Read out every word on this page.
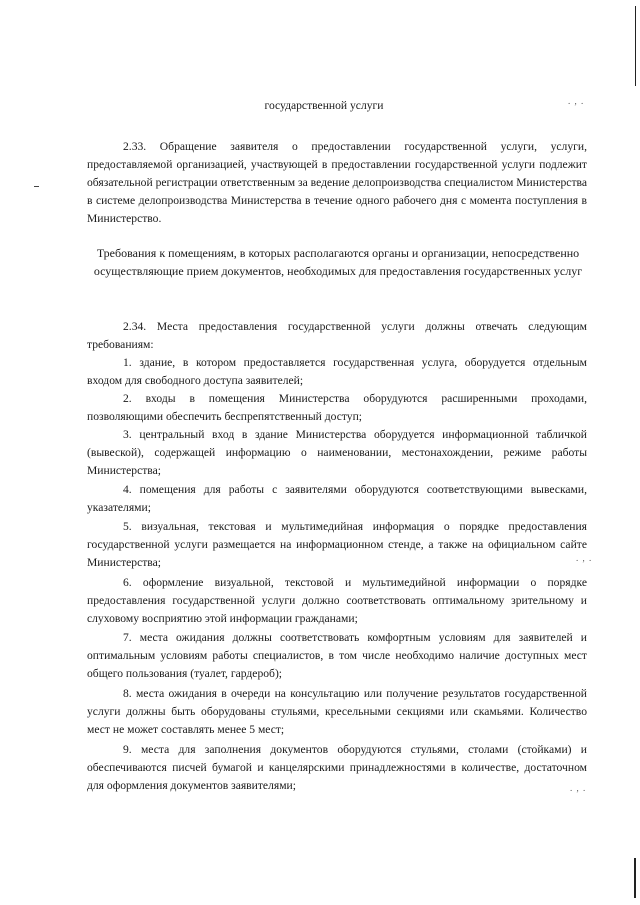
. , .
. , .
. , .

государственной услуги

2.33. Обращение заявителя о предоставлении государственной услуги, услуги, предоставляемой организацией, участвующей в предоставлении государственной услуги подлежит обязательной регистрации ответственным за ведение делопроизводства специалистом Министерства в системе делопроизводства Министерства в течение одного рабочего дня с момента поступления в Министерство.

Требования к помещениям, в которых располагаются органы и организации, непосредственно осуществляющие прием документов, необходимых для предоставления государственных услуг

2.34. Места предоставления государственной услуги должны отвечать следующим требованиям:

1. здание, в котором предоставляется государственная услуга, оборудуется отдельным входом для свободного доступа заявителей;

2. входы в помещения Министерства оборудуются расширенными проходами, позволяющими обеспечить беспрепятственный доступ;

3. центральный вход в здание Министерства оборудуется информационной табличкой (вывеской), содержащей информацию о наименовании, местонахождении, режиме работы Министерства;

4. помещения для работы с заявителями оборудуются соответствующими вывесками, указателями;

5. визуальная, текстовая и мультимедийная информация о порядке предоставления государственной услуги размещается на информационном стенде, а также на официальном сайте Министерства;

6. оформление визуальной, текстовой и мультимедийной информации о порядке предоставления государственной услуги должно соответствовать оптимальному зрительному и слуховому восприятию этой информации гражданами;

7. места ожидания должны соответствовать комфортным условиям для заявителей и оптимальным условиям работы специалистов, в том числе необходимо наличие доступных мест общего пользования (туалет, гардероб);

8. места ожидания в очереди на консультацию или получение результатов государственной услуги должны быть оборудованы стульями, кресельными секциями или скамьями. Количество мест не может составлять менее 5 мест;

9. места для заполнения документов оборудуются стульями, столами (стойками) и обеспечиваются писчей бумагой и канцелярскими принадлежностями в количестве, достаточном для оформления документов заявителями;
